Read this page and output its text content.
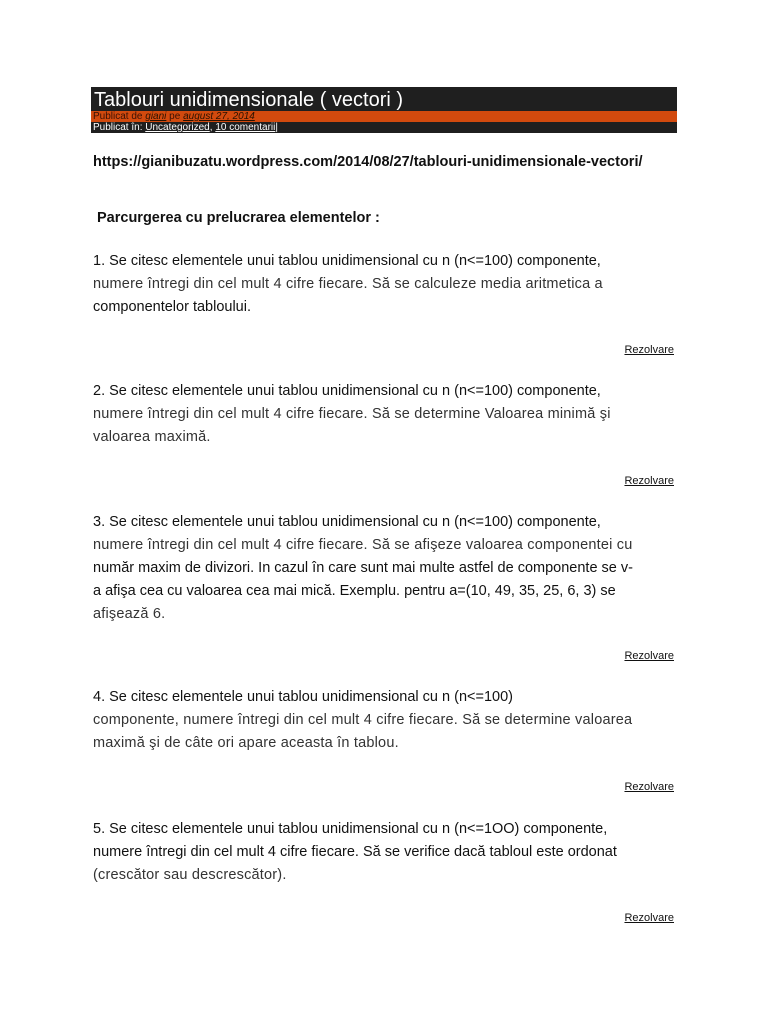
Tablouri unidimensionale ( vectori )
Publicat de giani pe august 27, 2014
Publicat în: Uncategorized, 10 comentarii|
https://gianibuzatu.wordpress.com/2014/08/27/tablouri-unidimensionale-vectori/
Parcurgerea cu prelucrarea elementelor :
1. Se citesc elementele unui tablou unidimensional cu n (n<=100) componente,
numere întregi din cel mult 4 cifre fiecare. Să se calculeze media aritmetica a
componentelor tabloului.
Rezolvare
2. Se citesc elementele unui tablou unidimensional cu n (n<=100) componente,
numere întregi din cel mult 4 cifre fiecare. Să se determine Valoarea minimă şi
valoarea maximă.
Rezolvare
3. Se citesc elementele unui tablou unidimensional cu n (n<=100) componente,
numere întregi din cel mult 4 cifre fiecare. Să se afişeze valoarea componentei cu
număr maxim de divizori. In cazul în care sunt mai multe astfel de componente se v-
a afişa cea cu valoarea cea mai mică. Exemplu. pentru a=(10, 49, 35, 25, 6, 3) se
afişează 6.
Rezolvare
4. Se citesc elementele unui tablou unidimensional cu n (n<=100)
componente, numere întregi din cel mult 4 cifre fiecare. Să se determine valoarea
maximă şi de câte ori apare aceasta în tablou.
Rezolvare
5. Se citesc elementele unui tablou unidimensional cu n (n<=1OO) componente,
numere întregi din cel mult 4 cifre fiecare. Să se verifice dacă tabloul este ordonat
(crescător sau descrescător).
Rezolvare
